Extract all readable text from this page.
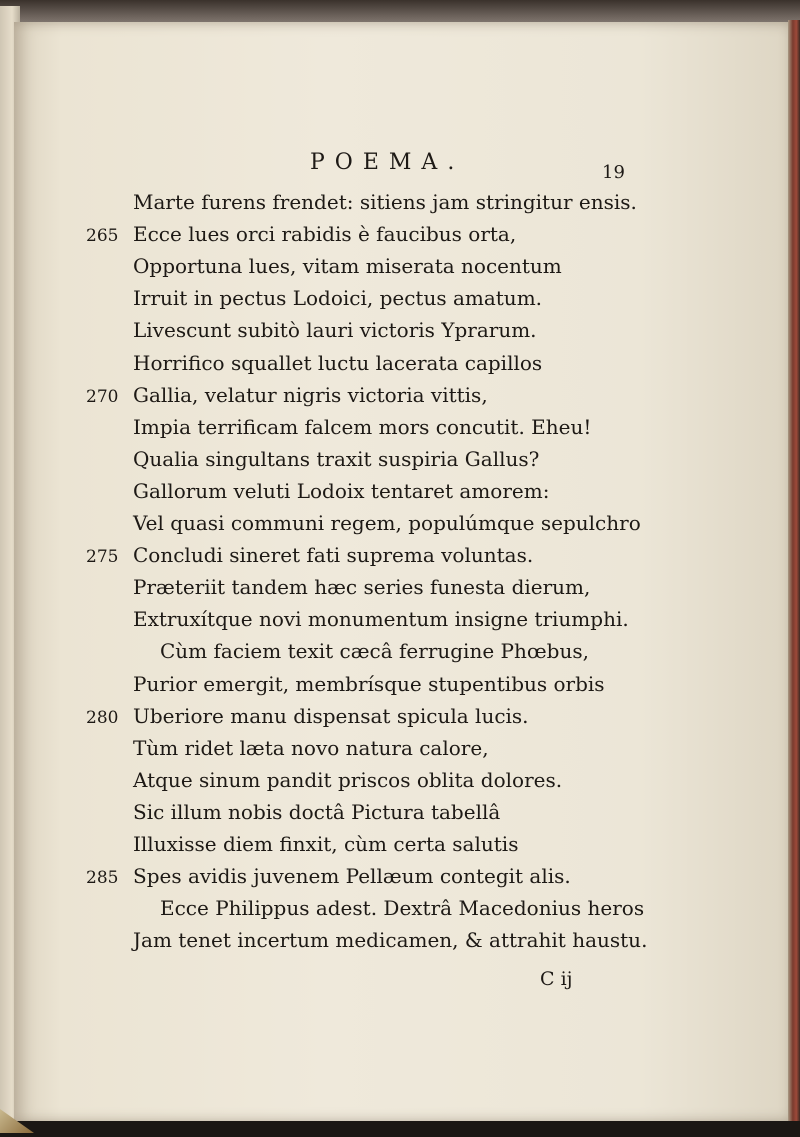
POEMA.	19
Marte furens frendet: sitiens jam stringitur ensis.
Ecce lues orci rabidis è faucibus orta,
265
Opportuna lues, vitam miserata nocentum
Irruit in pectus Lodoici, pectus amatum.
Livescunt subitò lauri victoris Yprarum.
Horrifico squallet luctu lacerata capillos
Gallia, velatur nigris victoria vittis,
270
Impia terrificam falcem mors concutit. Eheu!
Qualia singultans traxit suspiria Gallus?
Gallorum veluti Lodoix tentaret amorem:
Vel quasi communi regem, populúmque sepulchro
Concludi sineret fati suprema voluntas.
275
Præteriit tandem hæc series funesta dierum,
Extruxítque novi monumentum insigne triumphi.
Cùm faciem texit cæcâ ferrugine Phœbus,
Purior emergit, membrísque stupentibus orbis
Uberiore manu dispensat spicula lucis.
280
Tùm ridet læta novo natura calore,
Atque sinum pandit priscos oblita dolores.
Sic illum nobis doctâ Pictura tabellâ
Illuxisse diem finxit, cùm certa salutis
Spes avidis juvenem Pellæum contegit alis.
285
Ecce Philippus adest. Dextrâ Macedonius heros
Jam tenet incertum medicamen, & attrahit haustu.
C ij
